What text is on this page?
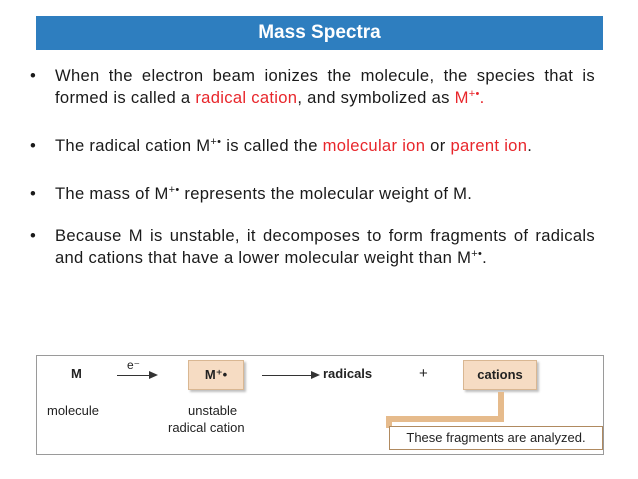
Mass Spectra
• When the electron beam ionizes the molecule, the species that is formed is called a radical cation, and symbolized as M+•.
• The radical cation M+• is called the molecular ion or parent ion.
• The mass of M+• represents the molecular weight of M.
• Because M is unstable, it decomposes to form fragments of radicals and cations that have a lower molecular weight than M+•.
M
e⁻
M⁺•	radicals	+	cations
molecule	unstable
radical cation
These fragments are analyzed.
